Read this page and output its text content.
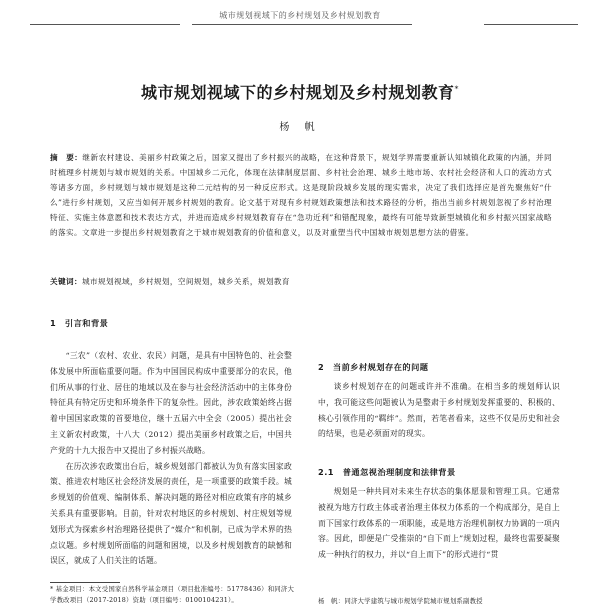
城市规划视域下的乡村规划及乡村规划教育
城市规划视域下的乡村规划及乡村规划教育*
杨 帆
摘　要：继新农村建设、美丽乡村政策之后，国家又提出了乡村振兴的战略，在这种背景下，规划学界需要重新认知城镇化政策的内涵，并同时梳理乡村规划与城市规划的关系。中国城乡二元化，体现在法律制度层面、乡村社会治理、城乡土地市场、农村社会经济和人口的流动方式等诸多方面，乡村规划与城市规划是这种二元结构的另一种反应形式。这是现阶段城乡发展的现实需求，决定了我们选择应是首先聚焦好“什么”进行乡村规划，又应当如何开展乡村规划的教育。论文基于对现有乡村规划政策想法和技术路径的分析，指出当前乡村规划忽视了乡村治理特征、实施主体意愿和技术表达方式，并进而造成乡村规划教育存在“急功近利”和错配现象，最终有可能导致新型城镇化和乡村振兴国家战略的落实。文章进一步提出乡村规划教育之于城市规划教育的价值和意义，以及对重塑当代中国城市规划思想方法的借鉴。
关键词：城市规划视域，乡村规划，空间规划，城乡关系，规划教育
1　引言和背景

“三农”（农村、农业、农民）问题，是具有中国特色的、社会整体发展中所面临重要问题。作为中国国民构成中重要部分的农民，他们所从事的行业、居住的地域以及在参与社会经济活动中的主体身份特征具有特定历史和环境条件下的复杂性。因此，涉农政策始终占据着中国国家政策的首要地位，继十五届六中全会（2005）提出社会主义新农村政策，十八大（2012）提出美丽乡村政策之后，中国共产党的十九大报告中又提出了乡村振兴战略。

在历次涉农政策出台后，城乡规划部门都被认为负有落实国家政策、推进农村地区社会经济发展的责任，是一项重要的政策手段。城乡规划的价值观、编制体系、解决问题的路径对相应政策有序的城乡关系具有重要影响。目前，针对农村地区的乡村规划、村庄规划等规划形式为探索乡村治理路径提供了“媒介”和机制，已成为学术界的热点议题。乡村规划所面临的问题和困境，以及乡村规划教育的缺憾和误区，就成了人们关注的话题。

2　当前乡村规划存在的问题

谈乡村规划存在的问题或许并不准确。在相当多的规划师认识中，我可能这些问题被认为是整肃于乡村规划发挥重要的、积极的、核心引领作用的“羁绊”。然而，若笔者看来，这些不仅是历史和社会的结果，也是必须面对的现实。

2.1　普通忽视治理制度和法律背景

规划是一种共同对未来生存状态的集体愿景和管理工具。它通常被视为地方行政主体或者治理主体权力体系的一个构成部分，是自上而下国家行政体系的一项职能，或是地方治理机制权力协调的一项内容。因此，即便是广受推崇的“自下而上”规划过程，最终也需要凝聚成一种执行的权力，并以“自上而下”的形式进行“贯

* 基金项目：本文受国家自然科学基金项目（项目批准编号：51778436）和同济大学教改项目（2017-2018）资助（项目编号：0100104231）。	杨　帆：同济大学建筑与城市规划学院城市规划系副教授
